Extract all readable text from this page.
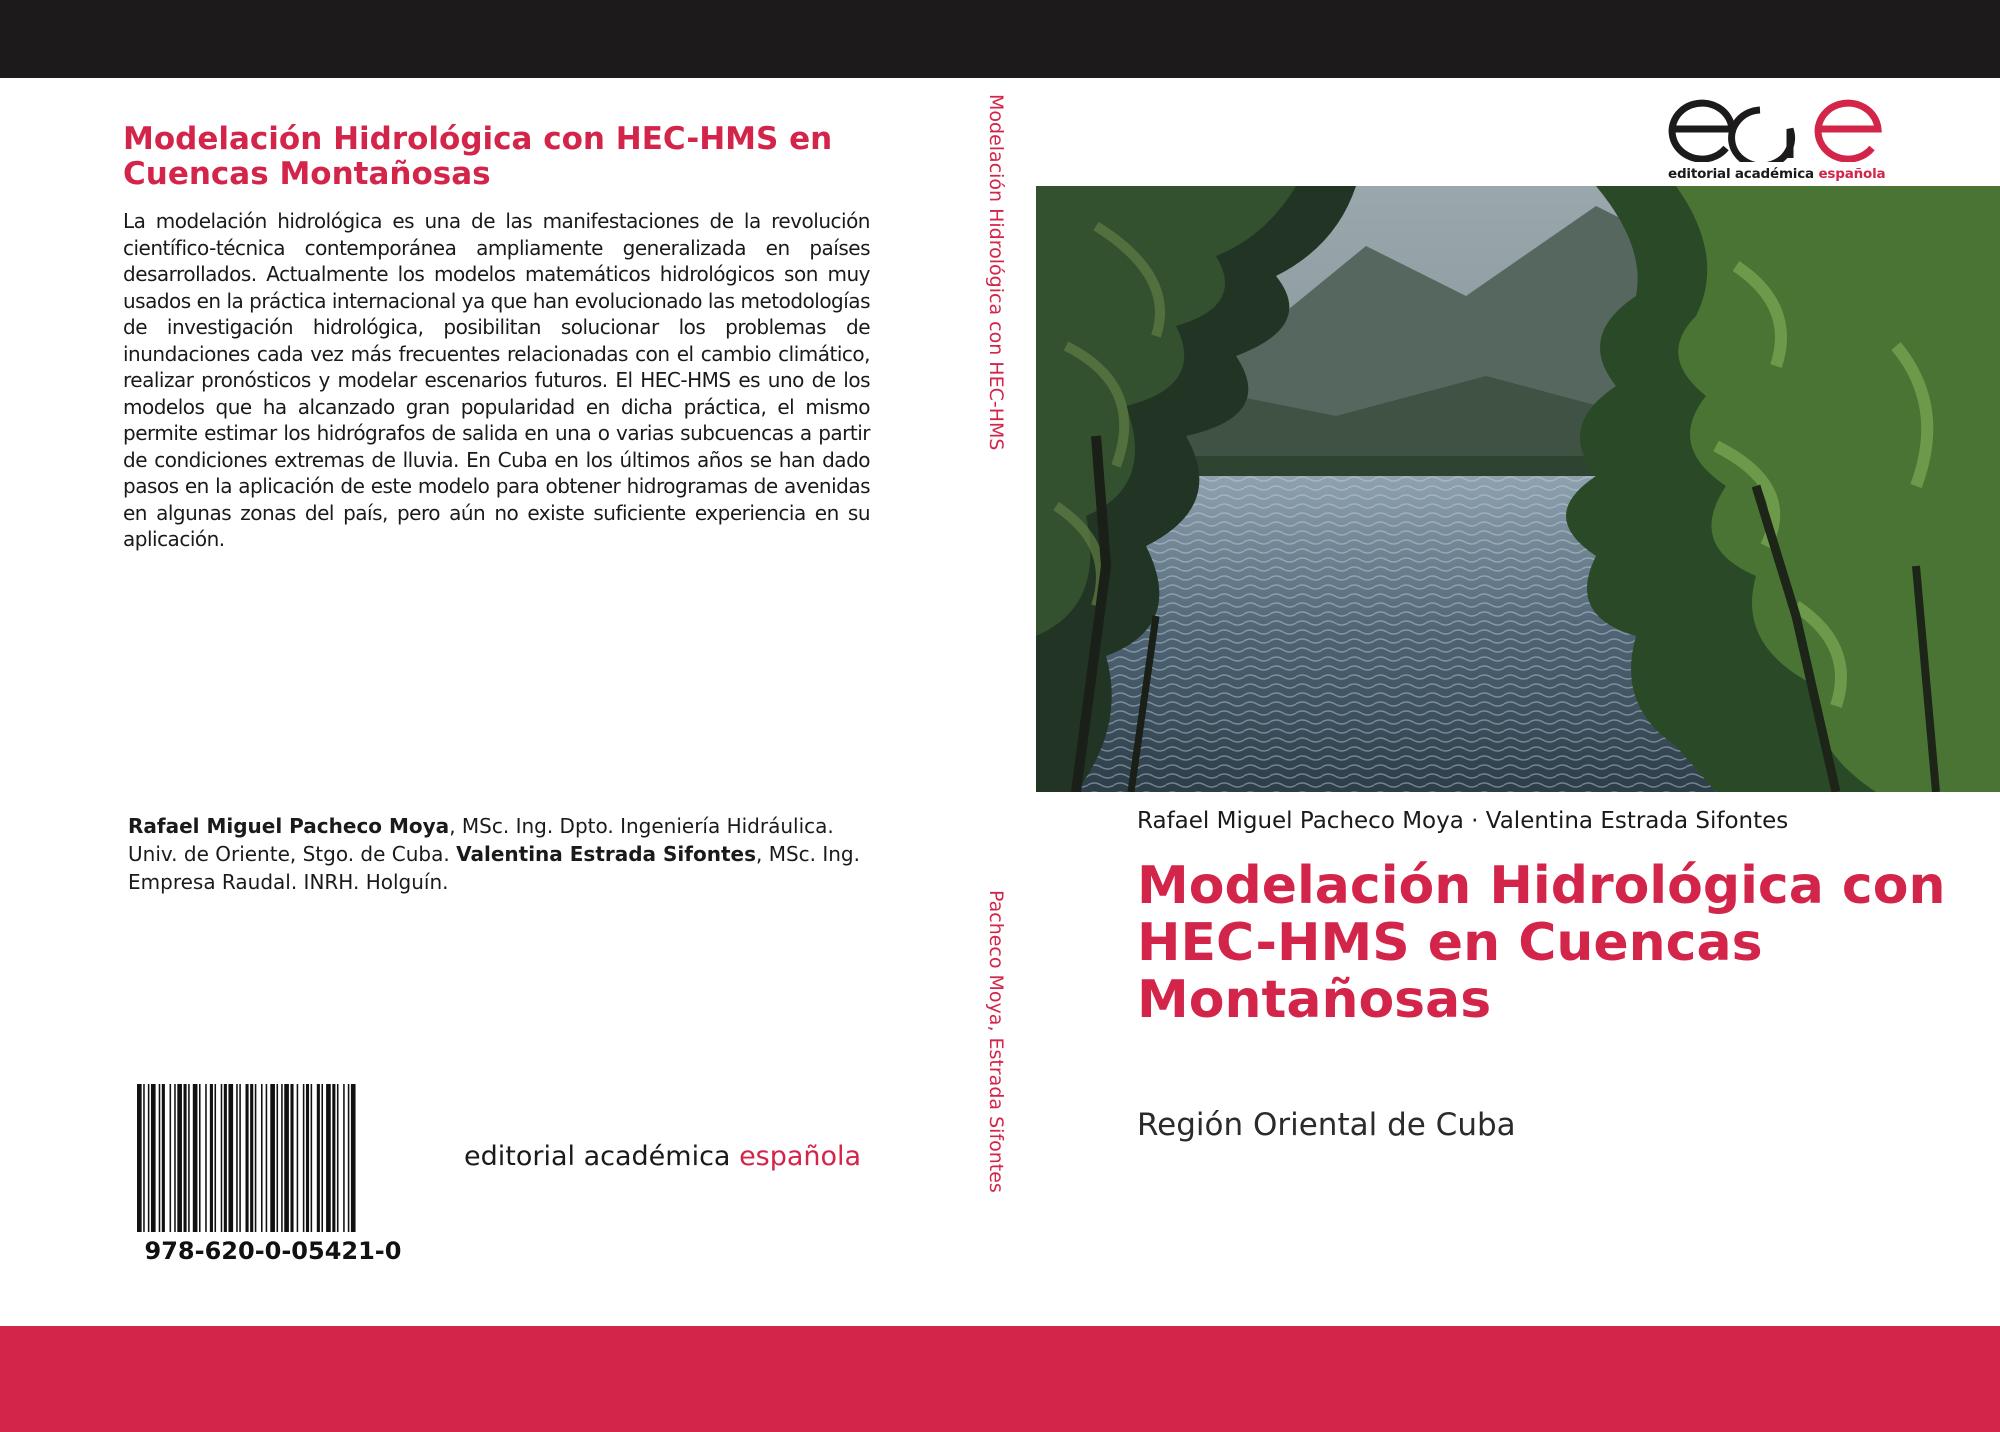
Modelación Hidrológica con HEC-HMS en Cuencas Montañosas
La modelación hidrológica es una de las manifestaciones de la revolución científico-técnica contemporánea ampliamente generalizada en países desarrollados. Actualmente los modelos matemáticos hidrológicos son muy usados en la práctica internacional ya que han evolucionado las metodologías de investigación hidrológica, posibilitan solucionar los problemas de inundaciones cada vez más frecuentes relacionadas con el cambio climático, realizar pronósticos y modelar escenarios futuros. El HEC-HMS es uno de los modelos que ha alcanzado gran popularidad en dicha práctica, el mismo permite estimar los hidrógrafos de salida en una o varias subcuencas a partir de condiciones extremas de lluvia. En Cuba en los últimos años se han dado pasos en la aplicación de este modelo para obtener hidrogramas de avenidas en algunas zonas del país, pero aún no existe suficiente experiencia en su aplicación.
Rafael Miguel Pacheco Moya, MSc. Ing. Dpto. Ingeniería Hidráulica. Univ. de Oriente, Stgo. de Cuba. Valentina Estrada Sifontes, MSc. Ing. Empresa Raudal. INRH. Holguín.
978-620-0-05421-0
editorial académica española
Modelación Hidrológica con HEC-HMS
Pacheco Moya, Estrada Sifontes
editorial académica española
Rafael Miguel Pacheco Moya · Valentina Estrada Sifontes
Modelación Hidrológica con HEC-HMS en Cuencas Montañosas
Región Oriental de Cuba
